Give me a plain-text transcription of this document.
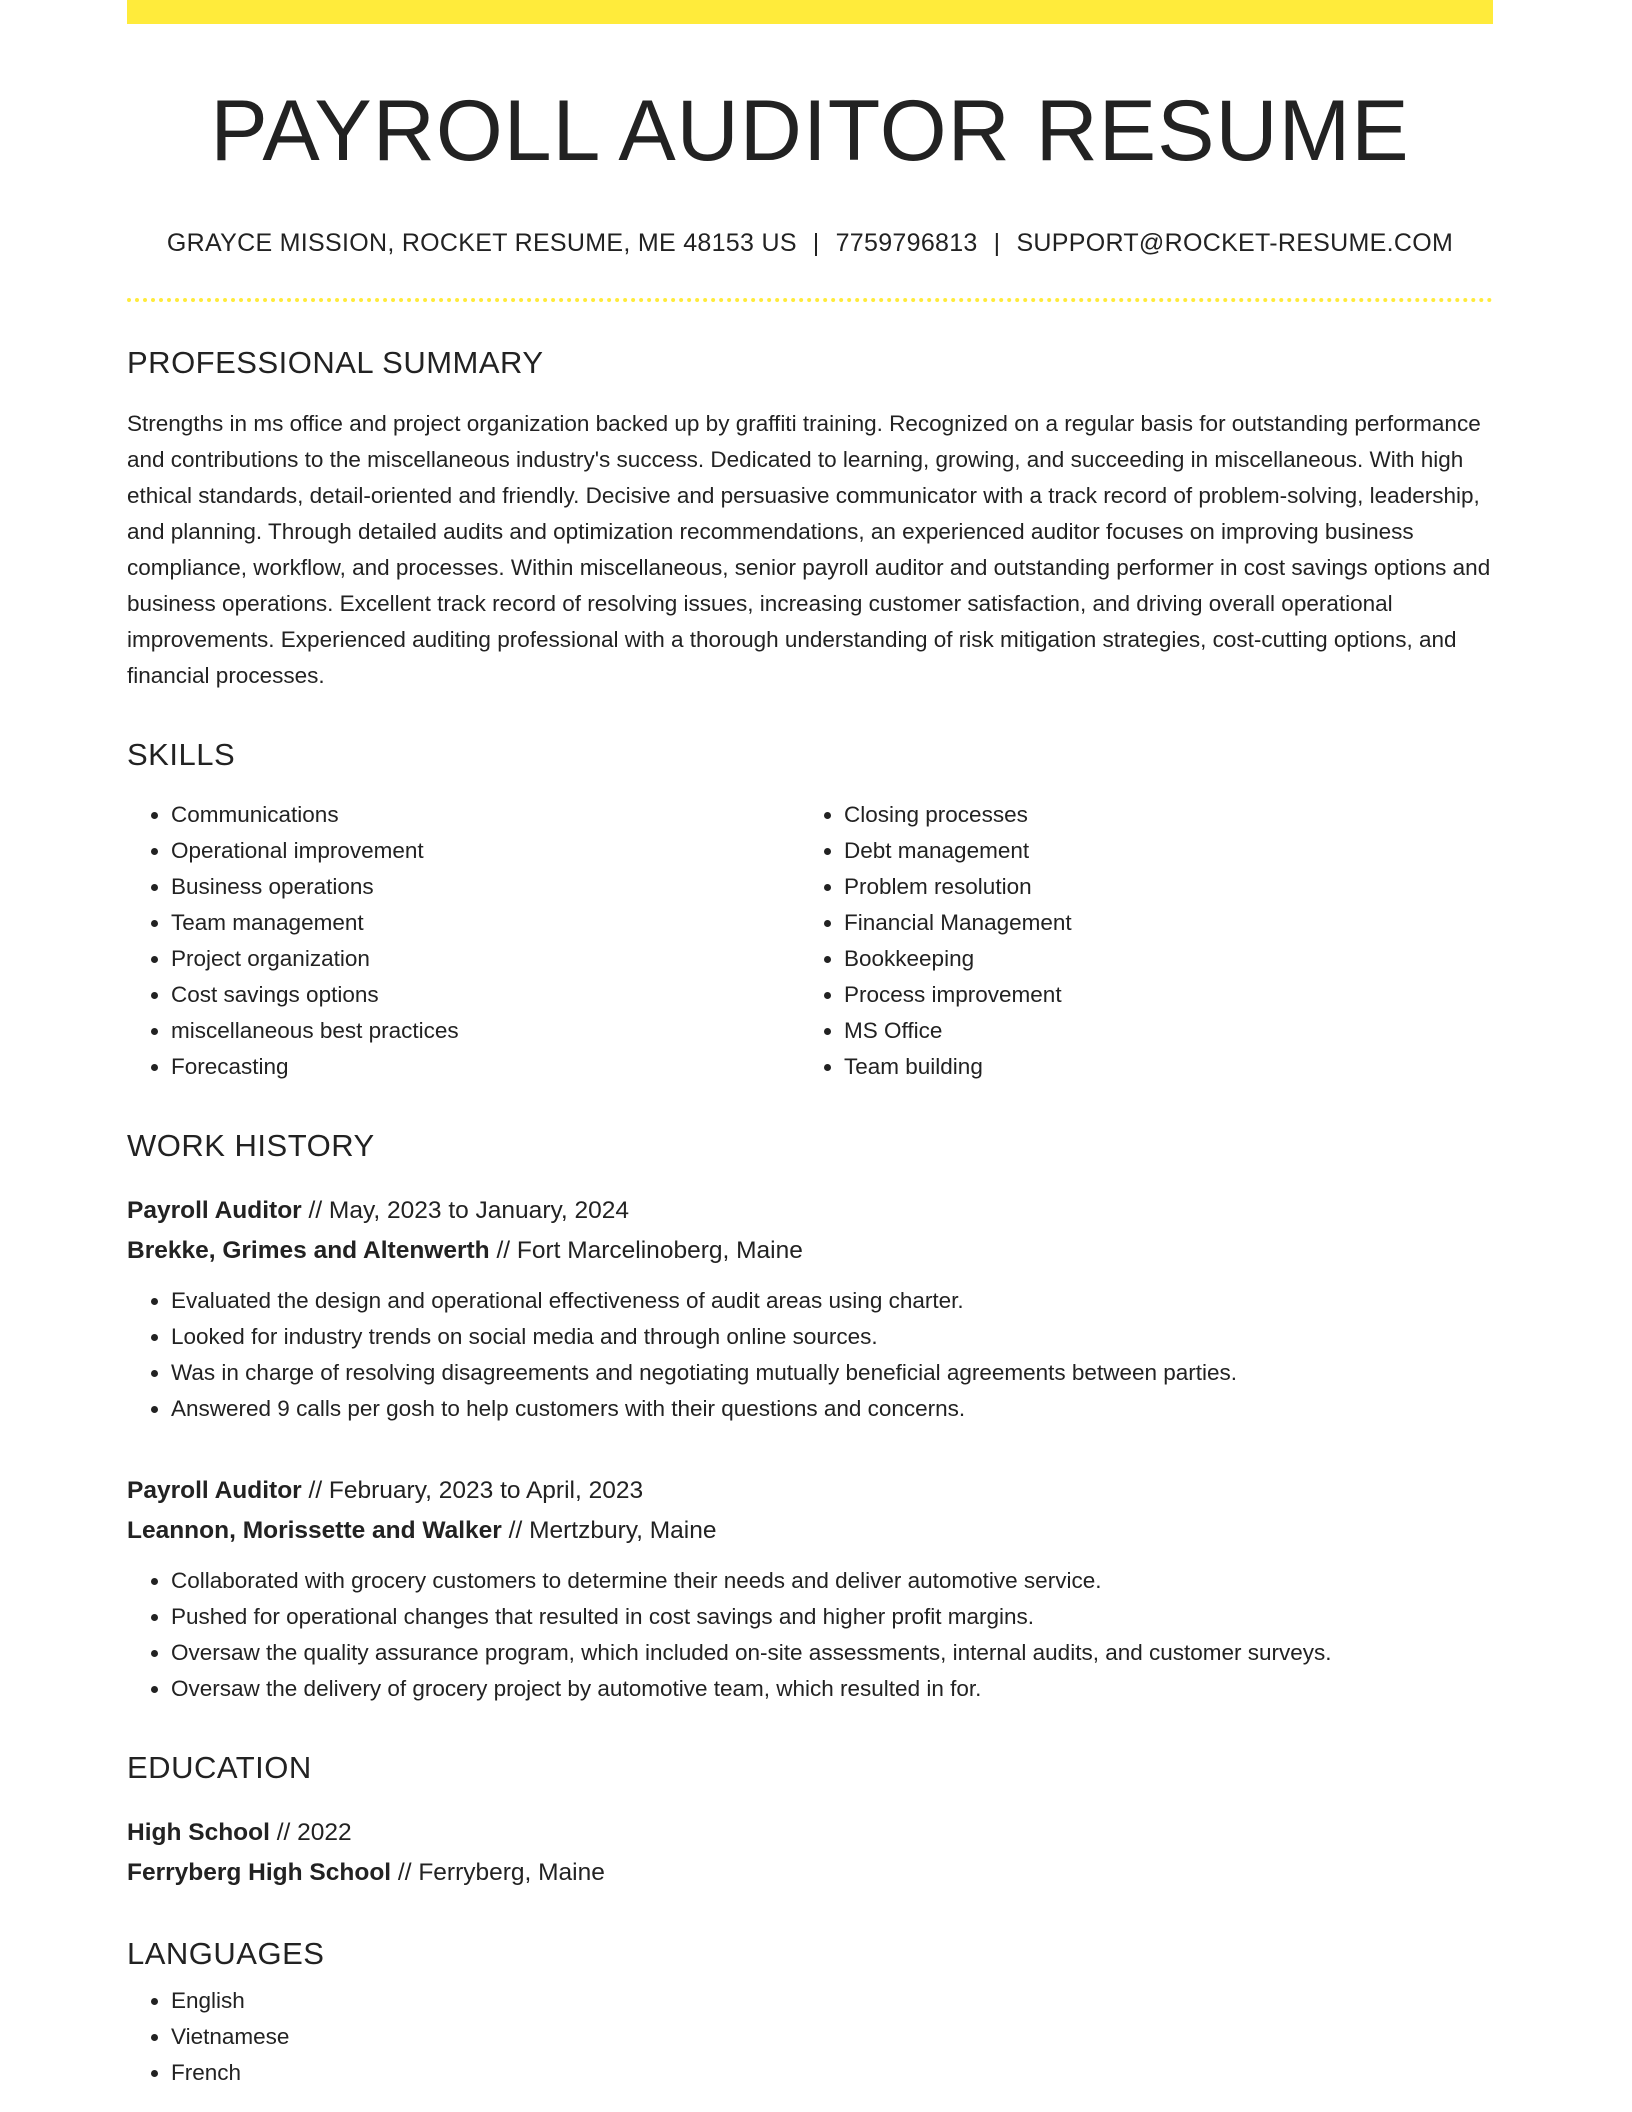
PAYROLL AUDITOR RESUME
GRAYCE MISSION, ROCKET RESUME, ME 48153 US | 7759796813 | SUPPORT@ROCKET-RESUME.COM
PROFESSIONAL SUMMARY
Strengths in ms office and project organization backed up by graffiti training. Recognized on a regular basis for outstanding performance and contributions to the miscellaneous industry's success. Dedicated to learning, growing, and succeeding in miscellaneous. With high ethical standards, detail-oriented and friendly. Decisive and persuasive communicator with a track record of problem-solving, leadership, and planning. Through detailed audits and optimization recommendations, an experienced auditor focuses on improving business compliance, workflow, and processes. Within miscellaneous, senior payroll auditor and outstanding performer in cost savings options and business operations. Excellent track record of resolving issues, increasing customer satisfaction, and driving overall operational improvements. Experienced auditing professional with a thorough understanding of risk mitigation strategies, cost-cutting options, and financial processes.
SKILLS
• Communications
• Operational improvement
• Business operations
• Team management
• Project organization
• Cost savings options
• miscellaneous best practices
• Forecasting
• Closing processes
• Debt management
• Problem resolution
• Financial Management
• Bookkeeping
• Process improvement
• MS Office
• Team building
WORK HISTORY
Payroll Auditor // May, 2023 to January, 2024
Brekke, Grimes and Altenwerth // Fort Marcelinoberg, Maine
• Evaluated the design and operational effectiveness of audit areas using charter.
• Looked for industry trends on social media and through online sources.
• Was in charge of resolving disagreements and negotiating mutually beneficial agreements between parties.
• Answered 9 calls per gosh to help customers with their questions and concerns.
Payroll Auditor // February, 2023 to April, 2023
Leannon, Morissette and Walker // Mertzbury, Maine
• Collaborated with grocery customers to determine their needs and deliver automotive service.
• Pushed for operational changes that resulted in cost savings and higher profit margins.
• Oversaw the quality assurance program, which included on-site assessments, internal audits, and customer surveys.
• Oversaw the delivery of grocery project by automotive team, which resulted in for.
EDUCATION
High School // 2022
Ferryberg High School // Ferryberg, Maine
LANGUAGES
• English
• Vietnamese
• French
